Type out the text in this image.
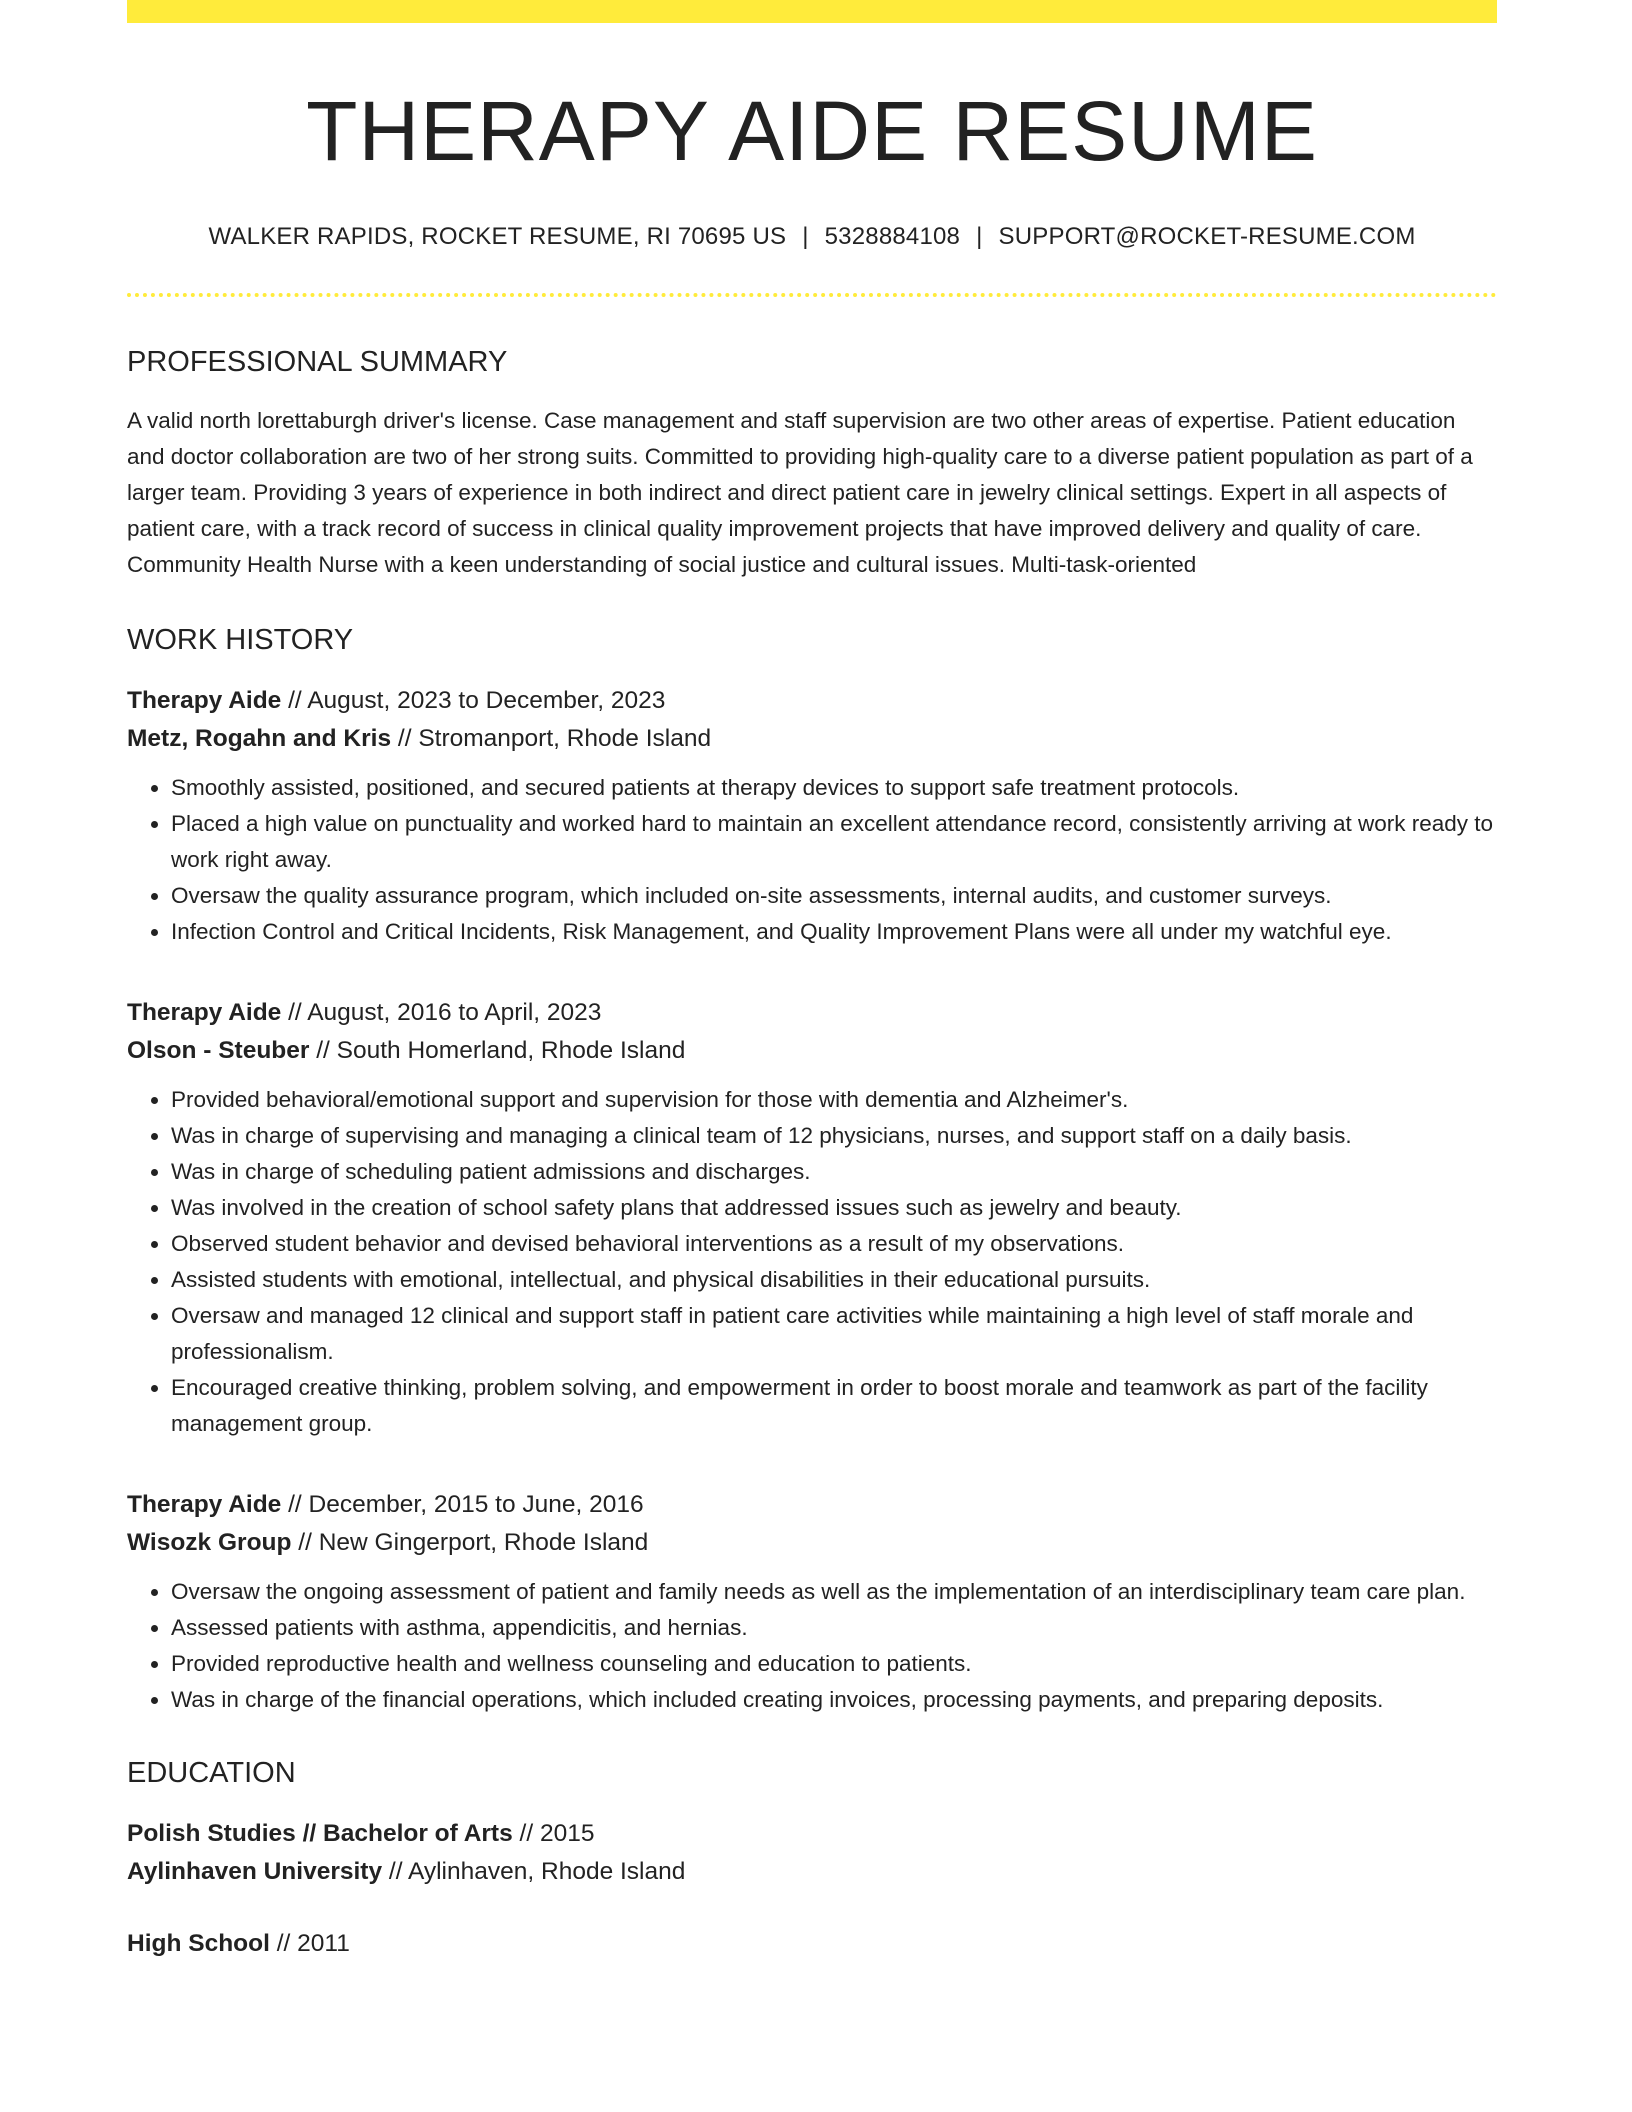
THERAPY AIDE RESUME
WALKER RAPIDS, ROCKET RESUME, RI 70695 US | 5328884108 | SUPPORT@ROCKET-RESUME.COM
PROFESSIONAL SUMMARY
A valid north lorettaburgh driver's license. Case management and staff supervision are two other areas of expertise. Patient education and doctor collaboration are two of her strong suits. Committed to providing high-quality care to a diverse patient population as part of a larger team. Providing 3 years of experience in both indirect and direct patient care in jewelry clinical settings. Expert in all aspects of patient care, with a track record of success in clinical quality improvement projects that have improved delivery and quality of care. Community Health Nurse with a keen understanding of social justice and cultural issues. Multi-task-oriented
WORK HISTORY
Therapy Aide // August, 2023 to December, 2023
Metz, Rogahn and Kris // Stromanport, Rhode Island
• Smoothly assisted, positioned, and secured patients at therapy devices to support safe treatment protocols.
• Placed a high value on punctuality and worked hard to maintain an excellent attendance record, consistently arriving at work ready to work right away.
• Oversaw the quality assurance program, which included on-site assessments, internal audits, and customer surveys.
• Infection Control and Critical Incidents, Risk Management, and Quality Improvement Plans were all under my watchful eye.
Therapy Aide // August, 2016 to April, 2023
Olson - Steuber // South Homerland, Rhode Island
• Provided behavioral/emotional support and supervision for those with dementia and Alzheimer's.
• Was in charge of supervising and managing a clinical team of 12 physicians, nurses, and support staff on a daily basis.
• Was in charge of scheduling patient admissions and discharges.
• Was involved in the creation of school safety plans that addressed issues such as jewelry and beauty.
• Observed student behavior and devised behavioral interventions as a result of my observations.
• Assisted students with emotional, intellectual, and physical disabilities in their educational pursuits.
• Oversaw and managed 12 clinical and support staff in patient care activities while maintaining a high level of staff morale and professionalism.
• Encouraged creative thinking, problem solving, and empowerment in order to boost morale and teamwork as part of the facility management group.
Therapy Aide // December, 2015 to June, 2016
Wisozk Group // New Gingerport, Rhode Island
• Oversaw the ongoing assessment of patient and family needs as well as the implementation of an interdisciplinary team care plan.
• Assessed patients with asthma, appendicitis, and hernias.
• Provided reproductive health and wellness counseling and education to patients.
• Was in charge of the financial operations, which included creating invoices, processing payments, and preparing deposits.
EDUCATION
Polish Studies // Bachelor of Arts // 2015
Aylinhaven University // Aylinhaven, Rhode Island
High School // 2011
